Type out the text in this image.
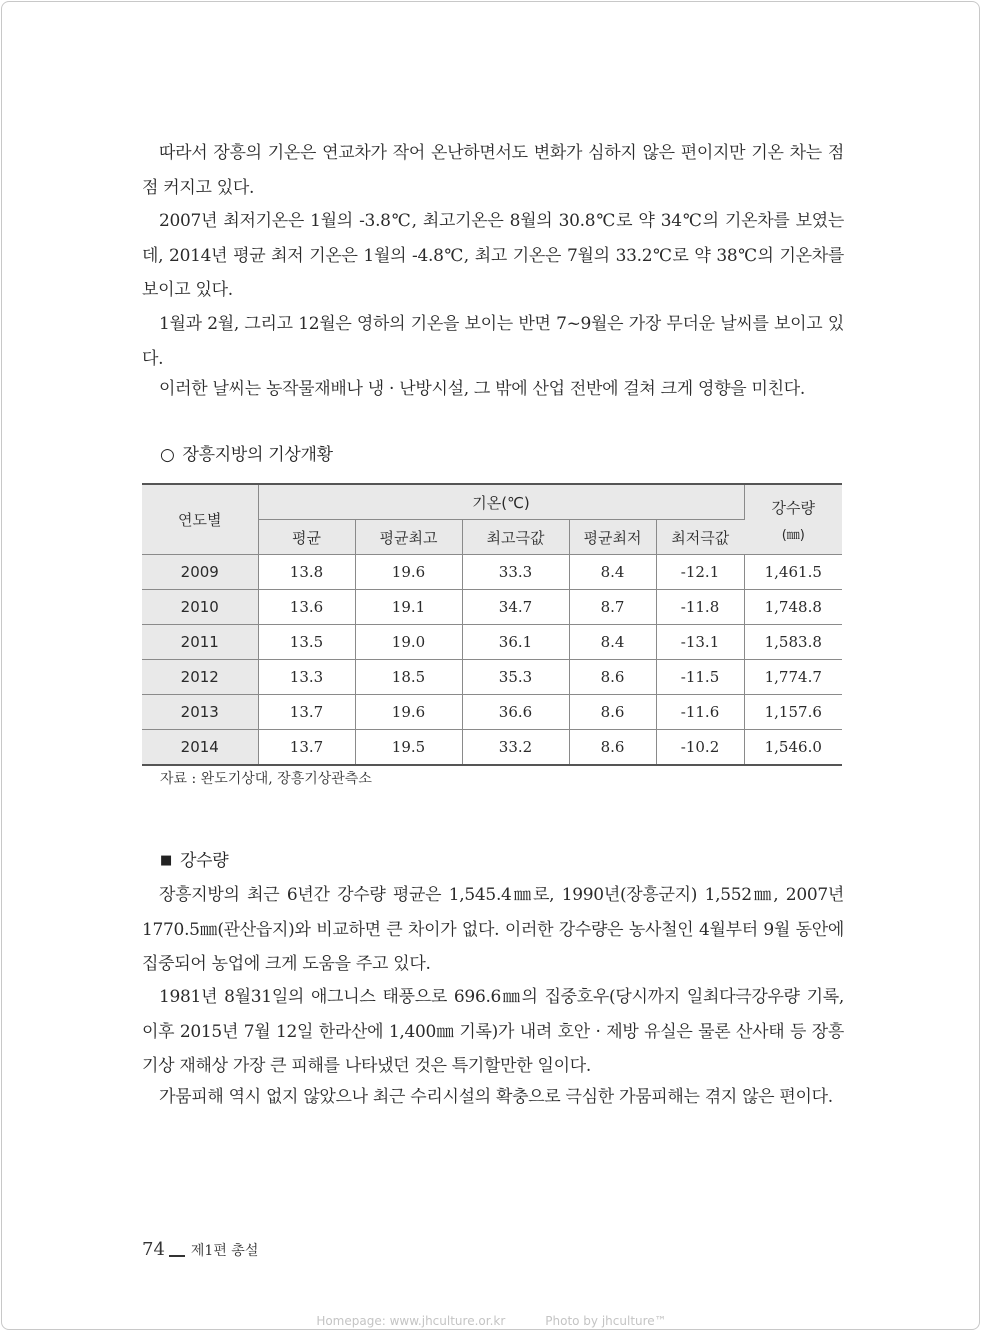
따라서 장흥의 기온은 연교차가 작어 온난하면서도 변화가 심하지 않은 편이지만 기온 차는 점점 커지고 있다.

2007년 최저기온은 1월의 -3.8℃, 최고기온은 8월의 30.8℃로 약 34℃의 기온차를 보였는데, 2014년 평균 최저 기온은 1월의 -4.8℃, 최고 기온은 7월의 33.2℃로 약 38℃의 기온차를 보이고 있다.

1월과 2월, 그리고 12월은 영하의 기온을 보이는 반면 7~9월은 가장 무더운 날씨를 보이고 있다.

이러한 날씨는 농작물재배나 냉 · 난방시설, 그 밖에 산업 전반에 걸쳐 크게 영향을 미친다.

○ 장흥지방의 기상개황
연도별	기온(℃)					강수량
(㎜)

	평균	평균최고	최고극값	평균최저	최저극값	
2009	13.8	19.6	33.3	8.4	-12.1	1,461.5
2010	13.6	19.1	34.7	8.7	-11.8	1,748.8
2011	13.5	19.0	36.1	8.4	-13.1	1,583.8
2012	13.3	18.5	35.3	8.6	-11.5	1,774.7
2013	13.7	19.6	36.6	8.6	-11.6	1,157.6
2014	13.7	19.5	33.2	8.6	-10.2	1,546.0
자료 : 완도기상대, 장흥기상관측소
■ 강수량

장흥지방의 최근 6년간 강수량 평균은 1,545.4㎜로, 1990년(장흥군지) 1,552㎜, 2007년 1770.5㎜(관산읍지)와 비교하면 큰 차이가 없다. 이러한 강수량은 농사철인 4월부터 9월 동안에 집중되어 농업에 크게 도움을 주고 있다.

1981년 8월31일의 애그니스 태풍으로 696.6㎜의 집중호우(당시까지 일최다극강우량 기록, 이후 2015년 7월 12일 한라산에 1,400㎜ 기록)가 내려 호안 · 제방 유실은 물론 산사태 등 장흥 기상 재해상 가장 큰 피해를 나타냈던 것은 특기할만한 일이다.

가뭄피해 역시 없지 않았으나 최근 수리시설의 확충으로 극심한 가뭄피해는 겪지 않은 편이다.

74 제1편 총설
Homepage: www.jhculture.or.kr	Photo by jhculture™
